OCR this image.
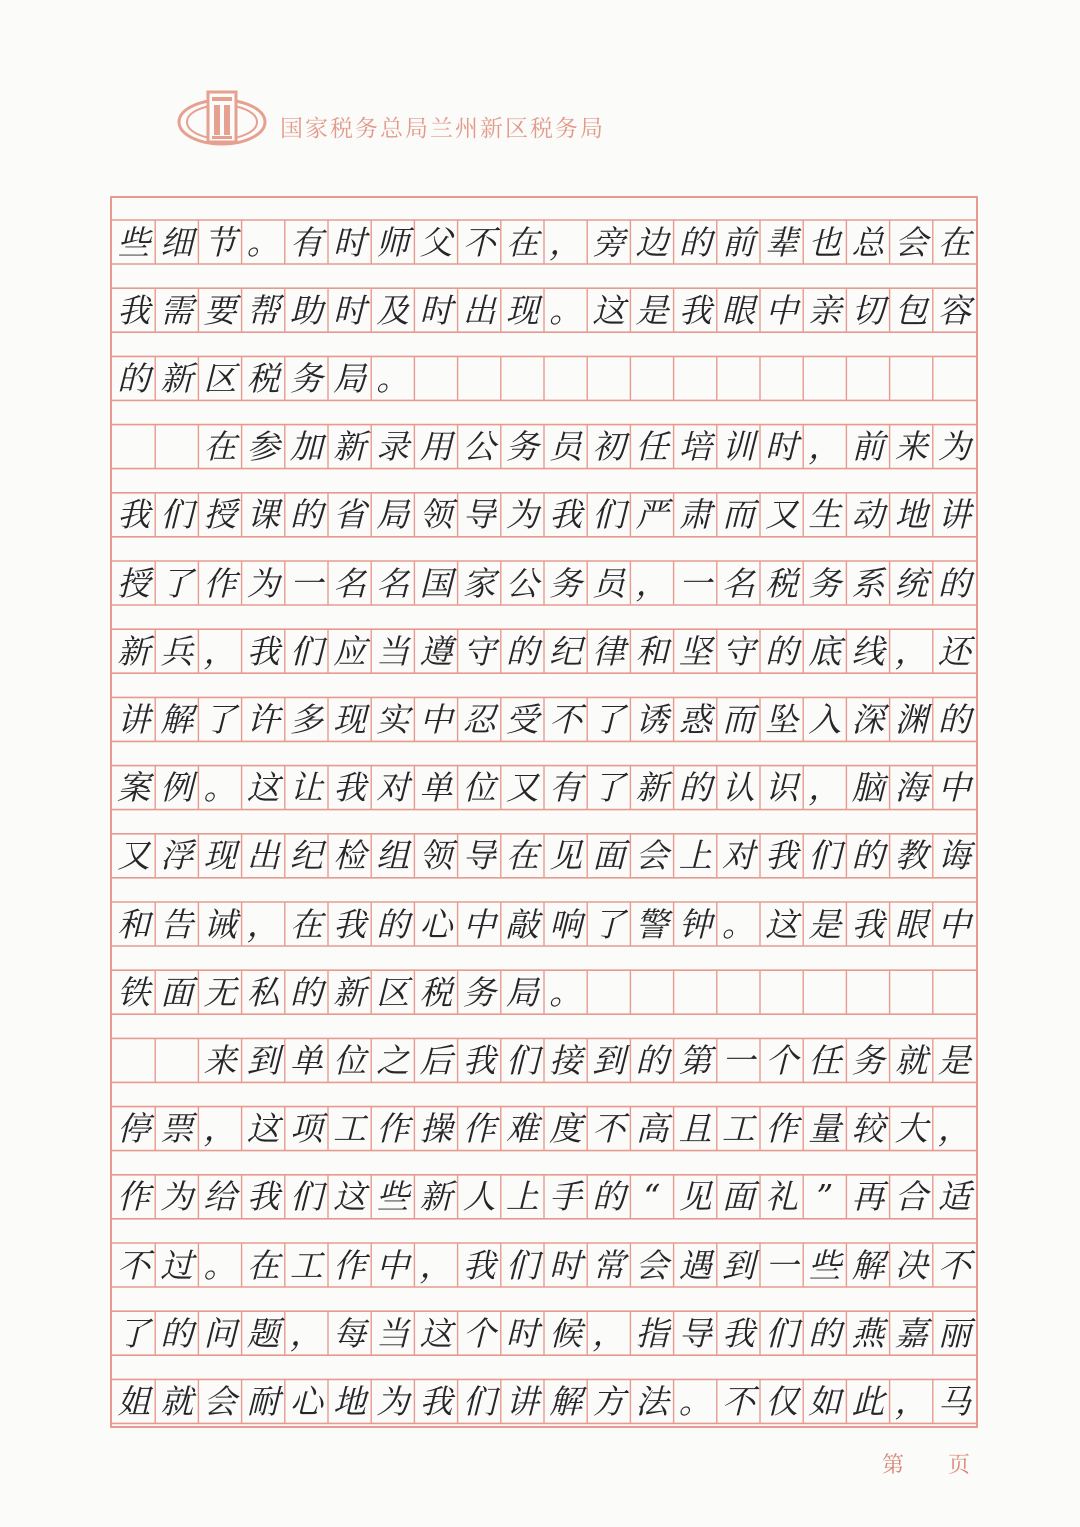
国家税务总局兰州新区税务局
些 细 节 。 有 时 师 父 不 在 ， 旁 边 的 前 辈 也 总 会 在
我 需 要 帮 助 时 及 时 出 现 。 这 是 我 眼 中 亲 切 包 容
的 新 区 税 务 局 。
在 参 加 新 录 用 公 务 员 初 任 培 训 时 ， 前 来 为
我 们 授 课 的 省 局 领 导 为 我 们 严 肃 而 又 生 动 地 讲
授 了 作 为 一 名 名 国 家 公 务 员 ， 一 名 税 务 系 统 的
新 兵 ， 我 们 应 当 遵 守 的 纪 律 和 坚 守 的 底 线 ， 还
讲 解 了 许 多 现 实 中 忍 受 不 了 诱 惑 而 坠 入 深 渊 的
案 例 。 这 让 我 对 单 位 又 有 了 新 的 认 识 ， 脑 海 中
又 浮 现 出 纪 检 组 领 导 在 见 面 会 上 对 我 们 的 教 诲
和 告 诫 ， 在 我 的 心 中 敲 响 了 警 钟 。 这 是 我 眼 中
铁 面 无 私 的 新 区 税 务 局 。
来 到 单 位 之 后 我 们 接 到 的 第 一 个 任 务 就 是
停 票 ， 这 项 工 作 操 作 难 度 不 高 且 工 作 量 较 大 ，
作 为 给 我 们 这 些 新 人 上 手 的 “ 见 面 礼 ” 再 合 适
不 过 。 在 工 作 中 ， 我 们 时 常 会 遇 到 一 些 解 决 不
了 的 问 题 ， 每 当 这 个 时 候 ， 指 导 我 们 的 燕 嘉 丽
姐 就 会 耐 心 地 为 我 们 讲 解 方 法 。 不 仅 如 此 ， 马
第 页
